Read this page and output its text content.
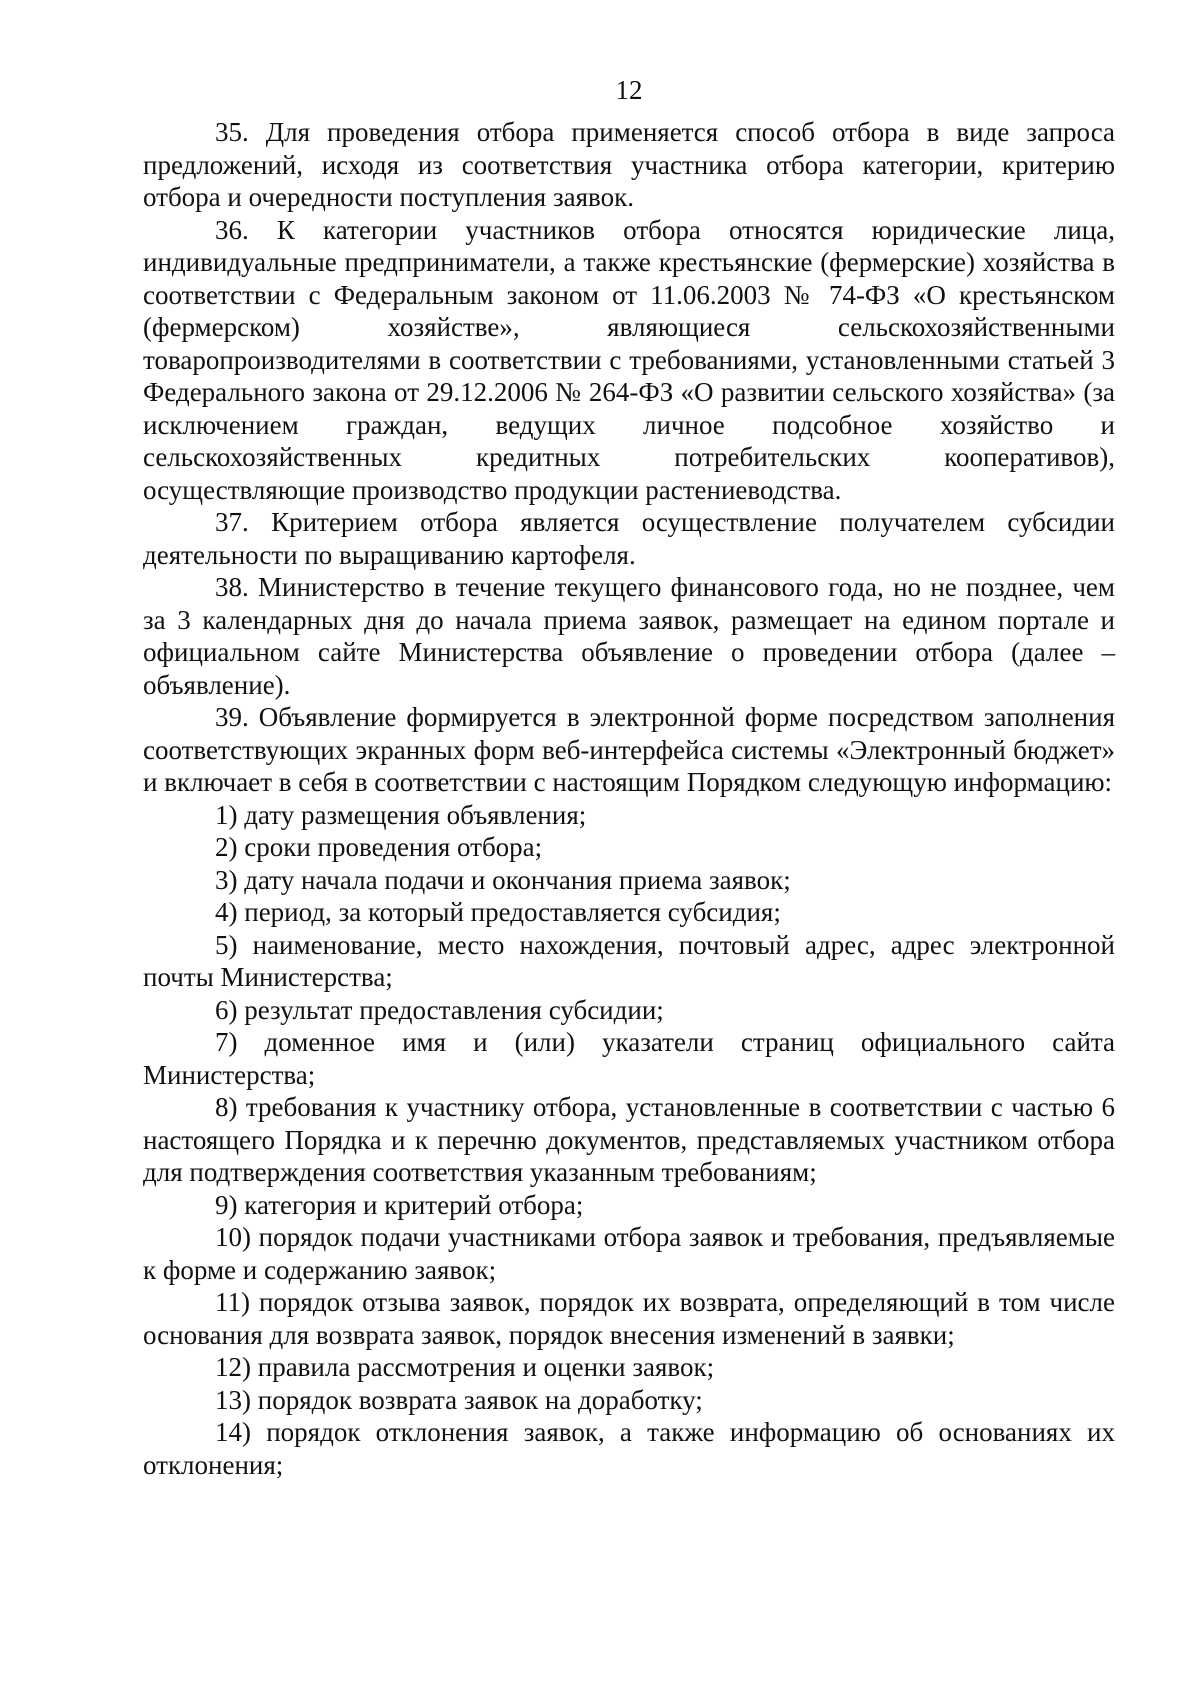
12

35. Для проведения отбора применяется способ отбора в виде запроса предложений, исходя из соответствия участника отбора категории, критерию отбора и очередности поступления заявок.

36. К категории участников отбора относятся юридические лица, индивидуальные предприниматели, а также крестьянские (фермерские) хозяйства в соответствии с Федеральным законом от 11.06.2003 № 74-ФЗ «О крестьянском (фермерском) хозяйстве», являющиеся сельскохозяйственными товаропроизводителями в соответствии с требованиями, установленными статьей 3 Федерального закона от 29.12.2006 № 264-ФЗ «О развитии сельского хозяйства» (за исключением граждан, ведущих личное подсобное хозяйство и сельскохозяйственных кредитных потребительских кооперативов), осуществляющие производство продукции растениеводства.

37. Критерием отбора является осуществление получателем субсидии деятельности по выращиванию картофеля.

38. Министерство в течение текущего финансового года, но не позднее, чем за 3 календарных дня до начала приема заявок, размещает на едином портале и официальном сайте Министерства объявление о проведении отбора (далее – объявление).

39. Объявление формируется в электронной форме посредством заполнения соответствующих экранных форм веб-интерфейса системы «Электронный бюджет» и включает в себя в соответствии с настоящим Порядком следующую информацию:

1) дату размещения объявления;

2) сроки проведения отбора;

3) дату начала подачи и окончания приема заявок;

4) период, за который предоставляется субсидия;

5) наименование, место нахождения, почтовый адрес, адрес электронной почты Министерства;

6) результат предоставления субсидии;

7) доменное имя и (или) указатели страниц официального сайта Министерства;

8) требования к участнику отбора, установленные в соответствии с частью 6 настоящего Порядка и к перечню документов, представляемых участником отбора для подтверждения соответствия указанным требованиям;

9) категория и критерий отбора;

10) порядок подачи участниками отбора заявок и требования, предъявляемые к форме и содержанию заявок;

11) порядок отзыва заявок, порядок их возврата, определяющий в том числе основания для возврата заявок, порядок внесения изменений в заявки;

12) правила рассмотрения и оценки заявок;

13) порядок возврата заявок на доработку;

14) порядок отклонения заявок, а также информацию об основаниях их отклонения;
